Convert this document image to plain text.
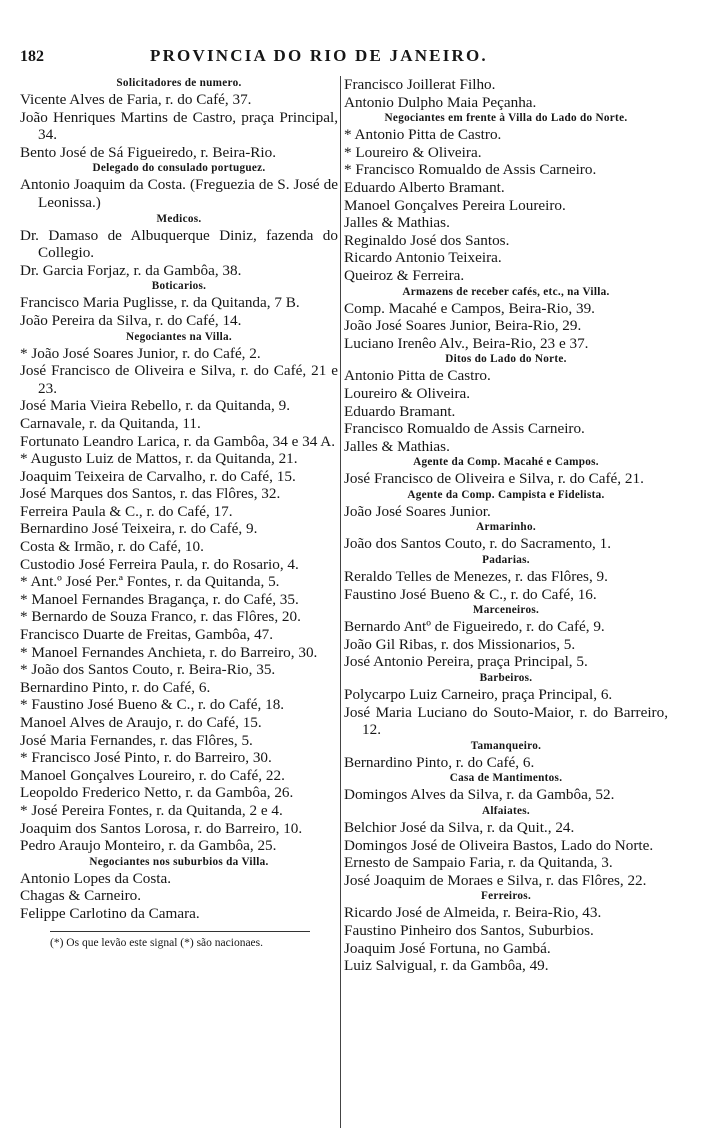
182	PROVINCIA DO RIO DE JANEIRO.
Solicitadores de numero.
Vicente Alves de Faria, r. do Café, 37.
João Henriques Martins de Castro, praça Principal, 34.
Bento José de Sá Figueiredo, r. Beira-Rio.
Delegado do consulado portuguez.
Antonio Joaquim da Costa. (Freguezia de S. José de Leonissa.)
Medicos.
Dr. Damaso de Albuquerque Diniz, fazenda do Collegio.
Dr. Garcia Forjaz, r. da Gambôa, 38.
Boticarios.
Francisco Maria Puglisse, r. da Quitanda, 7 B.
João Pereira da Silva, r. do Café, 14.
Negociantes na Villa.
* João José Soares Junior, r. do Café, 2.
José Francisco de Oliveira e Silva, r. do Café, 21 e 23.
José Maria Vieira Rebello, r. da Quitanda, 9.
Carnavale, r. da Quitanda, 11.
Fortunato Leandro Larica, r. da Gambôa, 34 e 34 A.
* Augusto Luiz de Mattos, r. da Quitanda, 21.
Joaquim Teixeira de Carvalho, r. do Café, 15.
José Marques dos Santos, r. das Flôres, 32.
Ferreira Paula & C., r. do Café, 17.
Bernardino José Teixeira, r. do Café, 9.
Costa & Irmão, r. do Café, 10.
Custodio José Ferreira Paula, r. do Rosario, 4.
* Ant.º José Per.ª Fontes, r. da Quitanda, 5.
* Manoel Fernandes Bragança, r. do Café, 35.
* Bernardo de Souza Franco, r. das Flôres, 20.
Francisco Duarte de Freitas, Gambôa, 47.
* Manoel Fernandes Anchieta, r. do Barreiro, 30.
* João dos Santos Couto, r. Beira-Rio, 35.
Bernardino Pinto, r. do Café, 6.
* Faustino José Bueno & C., r. do Café, 18.
Manoel Alves de Araujo, r. do Café, 15.
José Maria Fernandes, r. das Flôres, 5.
* Francisco José Pinto, r. do Barreiro, 30.
Manoel Gonçalves Loureiro, r. do Café, 22.
Leopoldo Frederico Netto, r. da Gambôa, 26.
* José Pereira Fontes, r. da Quitanda, 2 e 4.
Joaquim dos Santos Lorosa, r. do Barreiro, 10.
Pedro Araujo Monteiro, r. da Gambôa, 25.
Negociantes nos suburbios da Villa.
Antonio Lopes da Costa.
Chagas & Carneiro.
Felippe Carlotino da Camara.
(*) Os que levão este signal (*) são nacionaes.
Francisco Joillerat Filho.
Antonio Dulpho Maia Peçanha.
Negociantes em frente à Villa do Lado do Norte.
* Antonio Pitta de Castro.
* Loureiro & Oliveira.
* Francisco Romualdo de Assis Carneiro.
Eduardo Alberto Bramant.
Manoel Gonçalves Pereira Loureiro.
Jalles & Mathias.
Reginaldo José dos Santos.
Ricardo Antonio Teixeira.
Queiroz & Ferreira.
Armazens de receber cafés, etc., na Villa.
Comp. Macahé e Campos, Beira-Rio, 39.
João José Soares Junior, Beira-Rio, 29.
Luciano Irenêo Alv., Beira-Rio, 23 e 37.
Ditos do Lado do Norte.
Antonio Pitta de Castro.
Loureiro & Oliveira.
Eduardo Bramant.
Francisco Romualdo de Assis Carneiro.
Jalles & Mathias.
Agente da Comp. Macahé e Campos.
José Francisco de Oliveira e Silva, r. do Café, 21.
Agente da Comp. Campista e Fidelista.
João José Soares Junior.
Armarinho.
João dos Santos Couto, r. do Sacramento, 1.
Padarias.
Reraldo Telles de Menezes, r. das Flôres, 9.
Faustino José Bueno & C., r. do Café, 16.
Marceneiros.
Bernardo Antº de Figueiredo, r. do Café, 9.
João Gil Ribas, r. dos Missionarios, 5.
José Antonio Pereira, praça Principal, 5.
Barbeiros.
Polycarpo Luiz Carneiro, praça Principal, 6.
José Maria Luciano do Souto-Maior, r. do Barreiro, 12.
Tamanqueiro.
Bernardino Pinto, r. do Café, 6.
Casa de Mantimentos.
Domingos Alves da Silva, r. da Gambôa, 52.
Alfaiates.
Belchior José da Silva, r. da Quit., 24.
Domingos José de Oliveira Bastos, Lado do Norte.
Ernesto de Sampaio Faria, r. da Quitanda, 3.
José Joaquim de Moraes e Silva, r. das Flôres, 22.
Ferreiros.
Ricardo José de Almeida, r. Beira-Rio, 43.
Faustino Pinheiro dos Santos, Suburbios.
Joaquim José Fortuna, no Gambá.
Luiz Salvigual, r. da Gambôa, 49.
